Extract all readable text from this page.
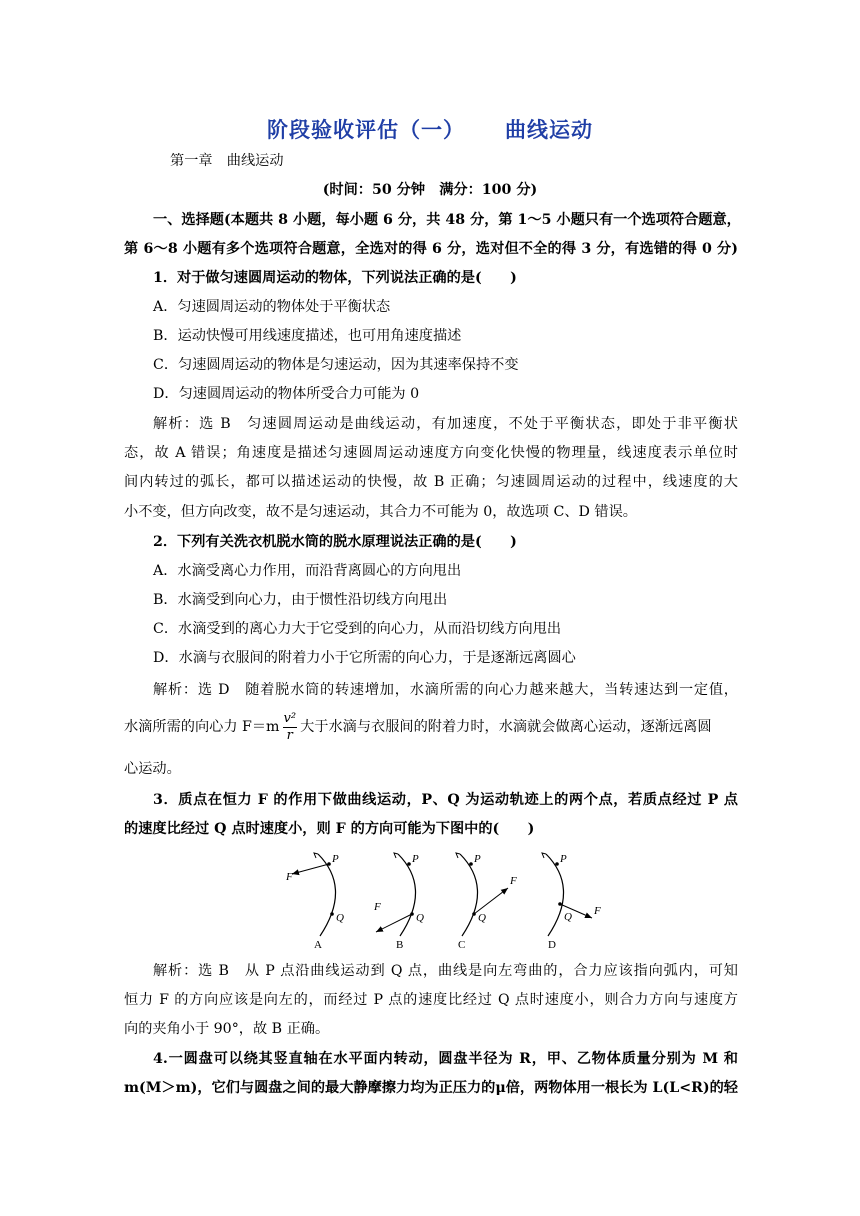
阶段验收评估（一） 曲线运动
第一章　曲线运动
(时间：50 分钟　满分：100 分)
一、选择题(本题共 8 小题，每小题 6 分，共 48 分，第 1～5 小题只有一个选项符合题意，
第 6～8 小题有多个选项符合题意，全选对的得 6 分，选对但不全的得 3 分，有选错的得 0 分)
1．对于做匀速圆周运动的物体，下列说法正确的是(　　)
A．匀速圆周运动的物体处于平衡状态
B．运动快慢可用线速度描述，也可用角速度描述
C．匀速圆周运动的物体是匀速运动，因为其速率保持不变
D．匀速圆周运动的物体所受合力可能为 0
解析：选 B　匀速圆周运动是曲线运动，有加速度，不处于平衡状态，即处于非平衡状
态，故 A 错误；角速度是描述匀速圆周运动速度方向变化快慢的物理量，线速度表示单位时
间内转过的弧长，都可以描述运动的快慢，故 B 正确；匀速圆周运动的过程中，线速度的大
小不变，但方向改变，故不是匀速运动，其合力不可能为 0，故选项 C、D 错误。
2．下列有关洗衣机脱水筒的脱水原理说法正确的是(　　)
A．水滴受离心力作用，而沿背离圆心的方向甩出
B．水滴受到向心力，由于惯性沿切线方向甩出
C．水滴受到的离心力大于它受到的向心力，从而沿切线方向甩出
D．水滴与衣服间的附着力小于它所需的向心力，于是逐渐远离圆心
解析：选 D　随着脱水筒的转速增加，水滴所需的向心力越来越大，当转速达到一定值，
水滴所需的向心力 $F=m \frac{\text{v²}}{r}$ 大于水滴与衣服间的附着力时，水滴就会做离心运动，逐渐远离圆
心运动。
3．质点在恒力 F 的作用下做曲线运动，P、Q 为运动轨迹上的两个点，若质点经过 P 点
的速度比经过 Q 点时速度小，则 F 的方向可能为下图中的(　　)
P
Q
F
A
P
Q
F
B
P
Q
F
C
P
Q F
D
解析：选 B　从 P 点沿曲线运动到 Q 点，曲线是向左弯曲的，合力应该指向弧内，可知
恒力 F 的方向应该是向左的，而经过 P 点的速度比经过 Q 点时速度小，则合力方向与速度方
向的夹角小于 90°，故 B 正确。
4.一圆盘可以绕其竖直轴在水平面内转动，圆盘半径为 R，甲、乙物体质量分别为 M 和
m(M＞m)，它们与圆盘之间的最大静摩擦力均为正压力的μ倍，两物体用一根长为 L(L<R)的轻
